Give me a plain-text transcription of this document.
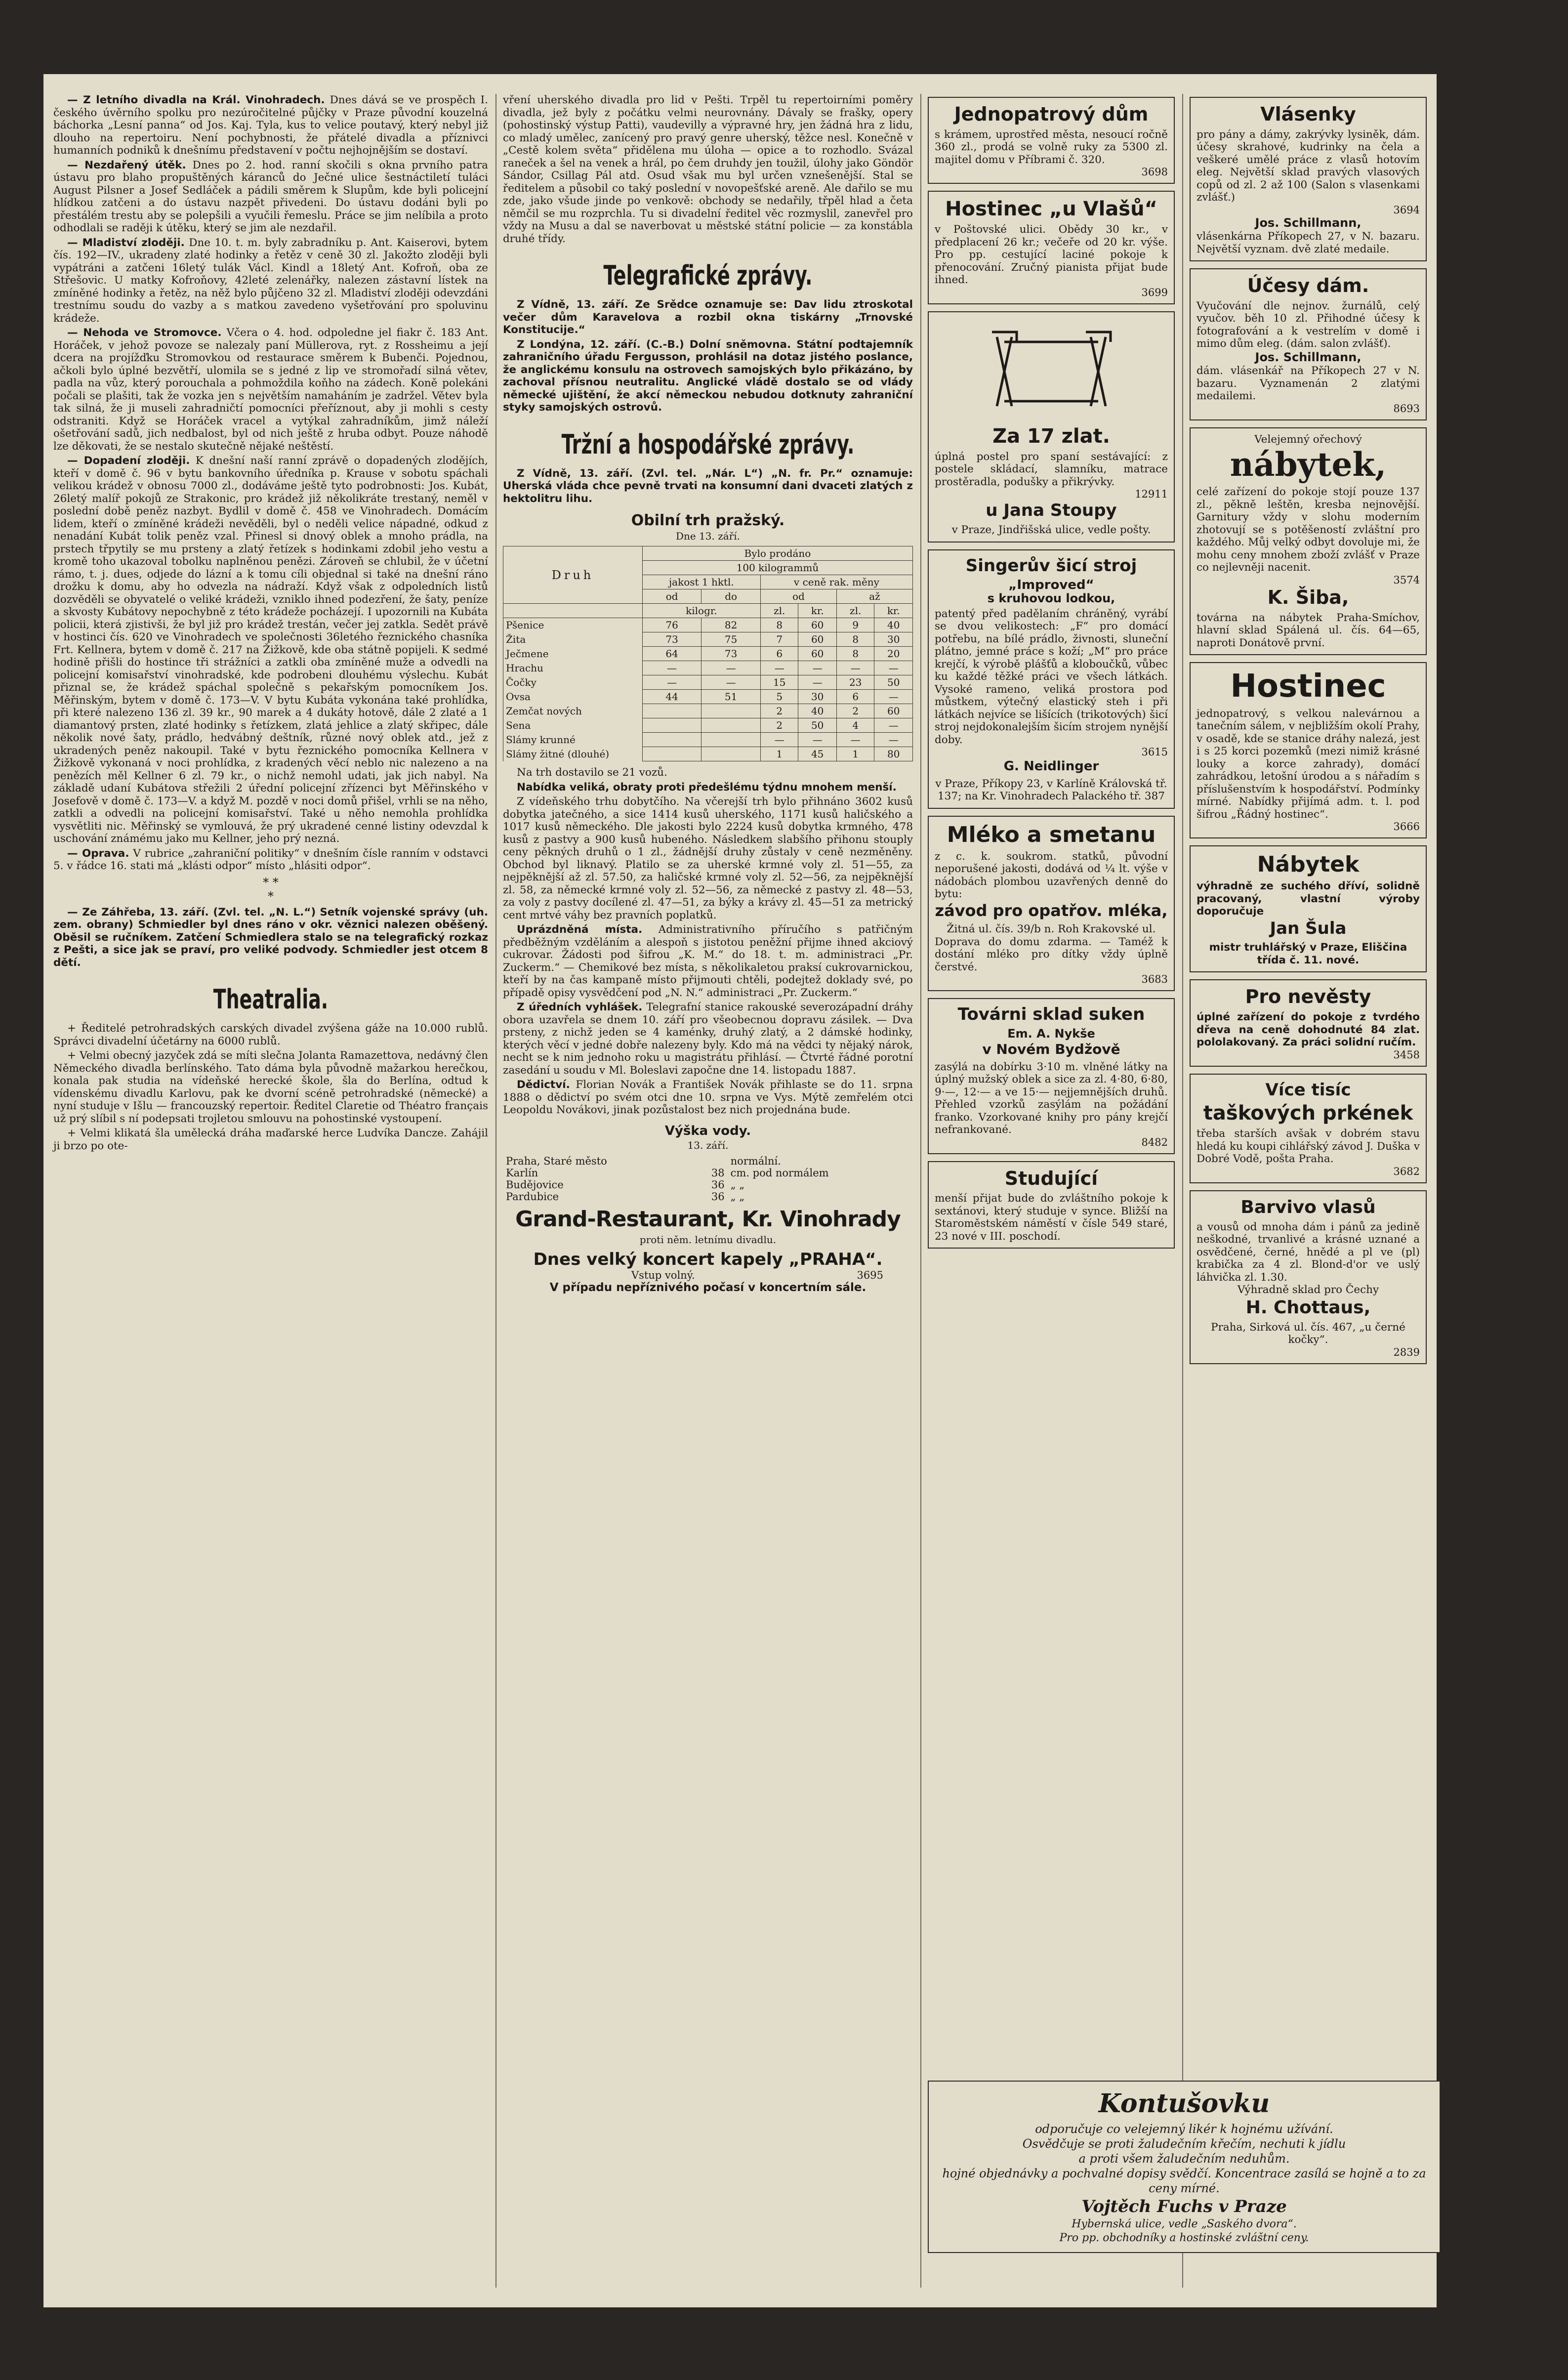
— Z letního divadla na Král. Vinohradech. Dnes dává se ve prospěch I. českého úvěrního spolku pro nezúročitelné půjčky v Praze původní kouzelná báchorka „Lesní panna“ od Jos. Kaj. Tyla, kus to velice poutavý, který nebyl již dlouho na repertoiru. Není pochybnosti, že přátelé divadla a příznivci humanních podniků k dnešnímu představení v počtu nejhojnějším se dostaví.

— Nezdařený útěk. Dnes po 2. hod. ranní skočili s okna prvního patra ústavu pro blaho propuštěných káranců do Ječné ulice šestnáctiletí tuláci August Pilsner a Josef Sedláček a pádili směrem k Slupům, kde byli policejní hlídkou zatčeni a do ústavu nazpět přivedeni. Do ústavu dodáni byli po přestálém trestu aby se polepšili a vyučili řemeslu. Práce se jim nelíbila a proto odhodlali se raději k útěku, který se jim ale nezdařil.

— Mladiství zloději. Dne 10. t. m. byly zabradníku p. Ant. Kaiserovi, bytem čís. 192—IV., ukradeny zlaté hodinky a řetěz v ceně 30 zl. Jakožto zloději byli vypátráni a zatčeni 16letý tulák Václ. Kindl a 18letý Ant. Kofroň, oba ze Střešovic. U matky Kofroňovy, 42leté zelenářky, nalezen zástavní lístek na zmíněné hodinky a řetěz, na něž bylo půjčeno 32 zl. Mladiství zloději odevzdáni trestnímu soudu do vazby a s matkou zavedeno vyšetřování pro spoluvinu krádeže.

— Nehoda ve Stromovce. Včera o 4. hod. odpoledne jel fiakr č. 183 Ant. Horáček, v jehož povoze se nalezaly paní Müllerova, ryt. z Rossheimu a její dcera na projížďku Stromovkou od restaurace směrem k Bubenči. Pojednou, ačkoli bylo úplné bezvětří, ulomila se s jedné z lip ve stromořadí silná větev, padla na vůz, který porouchala a pohmoždila koňho na zádech. Koně polekáni počali se plašiti, tak že vozka jen s největším namaháním je zadržel. Větev byla tak silná, že ji museli zahradničtí pomocníci přeříznout, aby ji mohli s cesty odstraniti. Když se Horáček vracel a vytýkal zahradníkům, jimž náleží ošetřování sadů, jich nedbalost, byl od nich ještě z hruba odbyt. Pouze náhodě lze děkovati, že se nestalo skutečně nějaké neštěstí.

— Dopadení zloději. K dnešní naší ranní zprávě o dopadených zlodějích, kteří v domě č. 96 v bytu bankovního úředníka p. Krause v sobotu spáchali velikou krádež v obnosu 7000 zl., dodáváme ještě tyto podrobnosti: Jos. Kubát, 26letý malíř pokojů ze Strakonic, pro krádež již několikráte trestaný, neměl v poslední době peněz nazbyt. Bydlil v domě č. 458 ve Vinohradech. Domácím lidem, kteří o zmíněné krádeži nevěděli, byl o neděli velice nápadné, odkud z nenadání Kubát tolik peněz vzal. Přinesl si dnový oblek a mnoho prádla, na prstech třpytily se mu prsteny a zlatý řetízek s hodinkami zdobil jeho vestu a kromě toho ukazoval tobolku naplněnou penězi. Zároveň se chlubil, že v účetní rámo, t. j. dues, odjede do lázní a k tomu cíli objednal si také na dnešní ráno drožku k domu, aby ho odvezla na nádraží. Když však z odpoledních listů dozvěděli se obyvatelé o veliké krádeži, vzniklo ihned podezření, že šaty, peníze a skvosty Kubátovy nepochybně z této krádeže pocházejí. I upozornili na Kubáta policii, která zjistivši, že byl již pro krádež trestán, večer jej zatkla. Sedět právě v hostinci čís. 620 ve Vinohradech ve společnosti 36letého řeznického chasníka Frt. Kellnera, bytem v domě č. 217 na Žižkově, kde oba státně popijeli. K sedmé hodině přišli do hostince tři strážníci a zatkli oba zmíněné muže a odvedli na policejní komisařství vinohradské, kde podrobeni dlouhému výslechu. Kubát přiznal se, že krádež spáchal společně s pekařským pomocníkem Jos. Měřinským, bytem v domě č. 173—V. V bytu Kubáta vykonána také prohlídka, při které nalezeno 136 zl. 39 kr., 90 marek a 4 dukáty hotově, dále 2 zlaté a 1 diamantový prsten, zlaté hodinky s řetízkem, zlatá jehlice a zlatý skřipec, dále několik nové šaty, prádlo, hedvábný deštník, různé nový oblek atd., jež z ukradených peněz nakoupil. Také v bytu řeznického pomocníka Kellnera v Žižkově vykonaná v noci prohlídka, z kradených věcí neblo nic nalezeno a na penězích měl Kellner 6 zl. 79 kr., o nichž nemohl udati, jak jich nabyl. Na základě udaní Kubátova střežili 2 úřední policejní zřízenci byt Měřinského v Josefově v domě č. 173—V. a když M. pozdě v noci domů přišel, vrhli se na něho, zatkli a odvedli na policejní komisařství. Také u něho nemohla prohlídka vysvětliti nic. Měřinský se vymlouvá, že prý ukradené cenné listiny odevzdal k uschování známému jako mu Kellner, jeho prý nezná.

— Oprava. V rubrice „zahraniční politiky“ v dnešním čísle ranním v odstavci 5. v řádce 16. stati má „klásti odpor“ místo „hlásiti odpor“.

* *
*

— Ze Záhřeba, 13. září. (Zvl. tel. „N. L.“) Setník vojenské správy (uh. zem. obrany) Schmiedler byl dnes ráno v okr. věznici nalezen oběšený. Oběsil se ručníkem. Zatčení Schmiedlera stalo se na telegrafický rozkaz z Pešti, a sice jak se praví, pro veliké podvody. Schmiedler jest otcem 8 dětí.

Theatralia.

+ Ředitelé petrohradských carských divadel zvýšena gáže na 10.000 rublů. Správci divadelní účetárny na 6000 rublů.

+ Velmi obecný jazyček zdá se míti slečna Jolanta Ramazettova, nedávný člen Německého divadla berlínského. Tato dáma byla původně mažarkou herečkou, konala pak studia na vídeňské herecké škole, šla do Berlína, odtud k vídenskému divadlu Karlovu, pak ke dvorní scéně petrohradské (německé) a nyní studuje v Išlu — francouzský repertoir. Ředitel Claretie od Théatro français už prý slíbil s ní podepsati trojletou smlouvu na pohostinské vystoupení.

+ Velmi klikatá šla umělecká dráha maďarské herce Ludvíka Dancze. Zahájil ji brzo po ote-

vření uherského divadla pro lid v Pešti. Trpěl tu repertoirními poměry divadla, jež byly z počátku velmi neurovnány. Dávaly se frašky, opery (pohostinský výstup Patti), vaudevilly a výpravné hry, jen žádná hra z lidu, co mladý umělec, zanícený pro pravý genre uherský, těžce nesl. Konečně v „Cestě kolem světa“ přidělena mu úloha — opice a to rozhodlo. Svázal raneček a šel na venek a hrál, po čem druhdy jen toužil, úlohy jako Göndör Sándor, Csillag Pál atd. Osud však mu byl určen vznešenější. Stal se ředitelem a působil co taký poslední v novopešťské areně. Ale dařilo se mu zde, jako všude jinde po venkově: obchody se nedařily, třpěl hlad a četa němčil se mu rozprchla. Tu si divadelní ředitel věc rozmyslil, zanevřel pro vždy na Musu a dal se naverbovat u městské státní policie — za konstábla druhé třídy.

Telegrafické zprávy.

Z Vídně, 13. září. Ze Srědce oznamuje se: Dav lidu ztroskotal večer dům Karavelova a rozbil okna tiskárny „Trnovské Konstitucije.“

Z Londýna, 12. září. (C.-B.) Dolní sněmovna. Státní podtajemník zahraničního úřadu Fergusson, prohlásil na dotaz jistého poslance, že anglickému konsulu na ostrovech samojských bylo přikázáno, by zachoval přísnou neutralitu. Anglické vládě dostalo se od vlády německé ujištění, že akcí německou nebudou dotknuty zahraniční styky samojských ostrovů.

Tržní a hospodářské zprávy.

Z Vídně, 13. září. (Zvl. tel. „Nár. L“) „N. fr. Pr.“ oznamuje: Uherská vláda chce pevně trvati na konsumní dani dvaceti zlatých z hektolitru lihu.

Obilní trh pražský.
Dne 13. září.
Druh	Bylo prodáno					
	100 kilogrammů					
	jakost 1 hktl.		v ceně rak. měny			
	od	do	od		až	
	kilogr.		zl.	kr.	zl.	kr.
Pšenice	76	82	8	60	9	40
Žita	73	75	7	60	8	30
Ječmene	64	73	6	60	8	20
Hrachu	—	—	—	—	—	—
Čočky	—	—	15	—	23	50
Ovsa	44	51	5	30	6	—
Zemčat nových			2	40	2	60
Sena			2	50	4	—
Slámy krunné			—	—	—	—
Slámy žitné (dlouhé)			1	45	1	80

Na trh dostavilo se 21 vozů.

Nabídka veliká, obraty proti předešlému týdnu mnohem menší.

Z vídeňského trhu dobytčího. Na včerejší trh bylo přihnáno 3602 kusů dobytka jatečného, a sice 1414 kusů uherského, 1171 kusů haličského a 1017 kusů německého. Dle jakosti bylo 2224 kusů dobytka krmného, 478 kusů z pastvy a 900 kusů hubeného. Následkem slabšího přihonu stouply ceny pěkných druhů o 1 zl., žádnější druhy zůstaly v ceně nezměněny. Obchod byl liknavý. Platilo se za uherské krmné voly zl. 51—55, za nejpěknější až zl. 57.50, za haličské krmné voly zl. 52—56, za nejpěknější zl. 58, za německé krmné voly zl. 52—56, za německé z pastvy zl. 48—53, za voly z pastvy docílené zl. 47—51, za býky a krávy zl. 45—51 za metrický cent mrtvé váhy bez pravních poplatků.

Uprázdněná místa. Administrativního příručího s patřičným předběžným vzděláním a alespoň s jistotou peněžní přijme ihned akciový cukrovar. Žádosti pod šifrou „K. M.“ do 18. t. m. administraci „Pr. Zuckerm.“ — Chemikové bez místa, s několikaletou praksí cukrovarnickou, kteří by na čas kampaně místo přijmouti chtěli, podejtež doklady své, po případě opisy vysvědčení pod „N. N.“ administraci „Pr. Zuckerm.“

Z úředních vyhlášek. Telegrafní stanice rakouské severozápadní dráhy obora uzavřela se dnem 10. září pro všeobecnou dopravu zásilek. — Dva prsteny, z nichž jeden se 4 kaménky, druhý zlatý, a 2 dámské hodinky, kterých věcí v jedné dobře nalezeny byly. Kdo má na vědci ty nějaký nárok, necht se k nim jednoho roku u magistrátu přihlásí. — Čtvrté řádné porotní zasedání u soudu v Ml. Boleslavi započne dne 14. listopadu 1887.

Dědictví. Florian Novák a František Novák přihlaste se do 11. srpna 1888 o dědictví po svém otci dne 10. srpna ve Vys. Mýtě zemřelém otci Leopoldu Novákovi, jinak pozůstalost bez nich projednána bude.

Výška vody.
13. září.
Praha, Staré město		normální.
Karlín	38	cm. pod normálem
Budějovice	36	„ „
Pardubice	36	„ „
Grand-Restaurant, Kr. Vinohrady
proti něm. letnímu divadlu.
Dnes velký koncert kapely „PRAHA“.
Vstup volný.	3695
V případu nepříznivého počasí v koncertním sále.
Jednopatrový dům
s krámem, uprostřed města, nesoucí ročně 360 zl., prodá se volně ruky za 5300 zl. majitel domu v Příbrami č. 320.
3698
Hostinec „u Vlašů“
v Poštovské ulici. Obědy 30 kr., v předplacení 26 kr.; večeře od 20 kr. výše. Pro pp. cestující laciné pokoje k přenocování. Zručný pianista přijat bude ihned.
3699
Za 17 zlat.
úplná postel pro spaní sestávající: z postele skládací, slamníku, matrace prostěradla, podušky a přikrývky.
12911
u Jana Stoupy
v Praze, Jindřišská ulice, vedle pošty.
Singerův šicí stroj
„Improved“
s kruhovou lodkou,
patentý před padělaním chráněný, vyrábí se dvou velikostech: „F“ pro domácí potřebu, na bílé prádlo, živnosti, sluneční plátno, jemné práce s koží; „M“ pro práce krejčí, k výrobě plášťů a kloboučků, vůbec ku každé těžké práci ve všech látkách. Vysoké rameno, veliká prostora pod můstkem, výtečný elastický steh i při látkách nejvíce se lišících (trikotových) šicí stroj nejdokonalejším šicím strojem nynější doby.
3615
G. Neidlinger
v Praze, Příkopy 23, v Karlíně Královská tř. 137; na Kr. Vinohradech Palackého tř. 387
Mléko a smetanu
z c. k. soukrom. statků, původní neporušené jakosti, dodává od ¼ lt. výše v nádobách plombou uzavřených denně do bytu:
závod pro opatřov. mléka,
Žitná ul. čís. 39/b n. Roh Krakovské ul.
Doprava do domu zdarma. — Taméž k dostání mléko pro dítky vždy úplně čerstvé.
3683
Továrni sklad suken
Em. A. Nykše
v Novém Bydžově
zasýlá na dobírku 3·10 m. vlněné látky na úplný mužský oblek a sice za zl. 4·80, 6·80, 9·—, 12·— a ve 15·— nejjemnějších druhů. Přehled vzorků zasýlám na požádání franko. Vzorkované knihy pro pány krejčí nefrankované.
8482
Studující
menší přijat bude do zvláštního pokoje k sextánovi, který studuje v synce. Bližší na Staroměstském náměstí v čísle 549 staré, 23 nové v III. poschodí.
Vlásenky
pro pány a dámy, zakrývky lysiněk, dám. účesy skrahové, kudrinky na čela a veškeré umělé práce z vlasů hotovím eleg. Největší sklad pravých vlasových copů od zl. 2 až 100 (Salon s vlasenkami zvlášť.)
3694
Jos. Schillmann,
vlásenkárna Příkopech 27, v N. bazaru. Největší vyznam. dvě zlaté medaile.
Účesy dám.
Vyučování dle nejnov. žurnálů, celý vyučov. běh 10 zl. Přihodné účesy k fotografování a k vestrelím v domě i mimo dům eleg. (dám. salon zvlášť).
Jos. Schillmann,
dám. vlásenkář na Příkopech 27 v N. bazaru. Vyznamenán 2 zlatými medailemi.
8693
Velejemný ořechový
nábytek,
celé zařízení do pokoje stojí pouze 137 zl., pěkně leštěn, kresba nejnovější. Garnitury vždy v slohu moderním zhotovují se s potěšeností zvláštní pro každého. Můj velký odbyt dovoluje mi, že mohu ceny mnohem zboží zvlášť v Praze co nejlevněji nacenit.
3574
K. Šiba,
továrna na nábytek Praha-Smíchov, hlavní sklad Spálená ul. čís. 64—65, naproti Donátově první.
Hostinec
jednopatrový, s velkou nalevárnou a tanečním sálem, v nejbližším okolí Prahy, v osadě, kde se stanice dráhy nalezá, jest i s 25 korci pozemků (mezi nimiž krásné louky a korce zahrady), domácí zahrádkou, letošní úrodou a s nářadím s příslušenstvím k hospodářství. Podmínky mírné. Nabídky přijímá adm. t. l. pod šifrou „Řádný hostinec“.
3666
Nábytek
výhradně ze suchého dříví, solidně pracovaný, vlastní výroby doporučuje
Jan Šula
mistr truhlářský v Praze, Eliščina třída č. 11. nové.
Pro nevěsty
úplné zařízení do pokoje z tvrdého dřeva na ceně dohodnuté 84 zlat. pololakovaný. Za práci solidní ručím.
3458
Více tisíc
taškových prkének
třeba starších avšak v dobrém stavu hledá ku koupi cihlářský závod J. Duška v Dobré Vodě, pošta Praha.
3682
Barvivo vlasů
a vousů od mnoha dám i pánů za jedině neškodné, trvanlivé a krásné uznané a osvědčené, černé, hnědé a pl ve (pl) krabička za 4 zl. Blond-d'or ve uslý láhvička zl. 1.30.
Výhradně sklad pro Čechy
H. Chottaus,
Praha, Sirková ul. čís. 467, „u černé kočky“.
2839
Kontušovku
odporučuje co velejemný likér k hojnému užívání.
Osvědčuje se proti žaludečním křečím, nechuti k jídlu
a proti všem žaludečním neduhům.
hojné objednávky a pochvalné dopisy svědčí. Koncentrace zasílá se hojně a to za ceny mírné.
Vojtěch Fuchs v Praze
Hybernská ulice, vedle „Saského dvora“.
Pro pp. obchodníky a hostinské zvláštní ceny.
